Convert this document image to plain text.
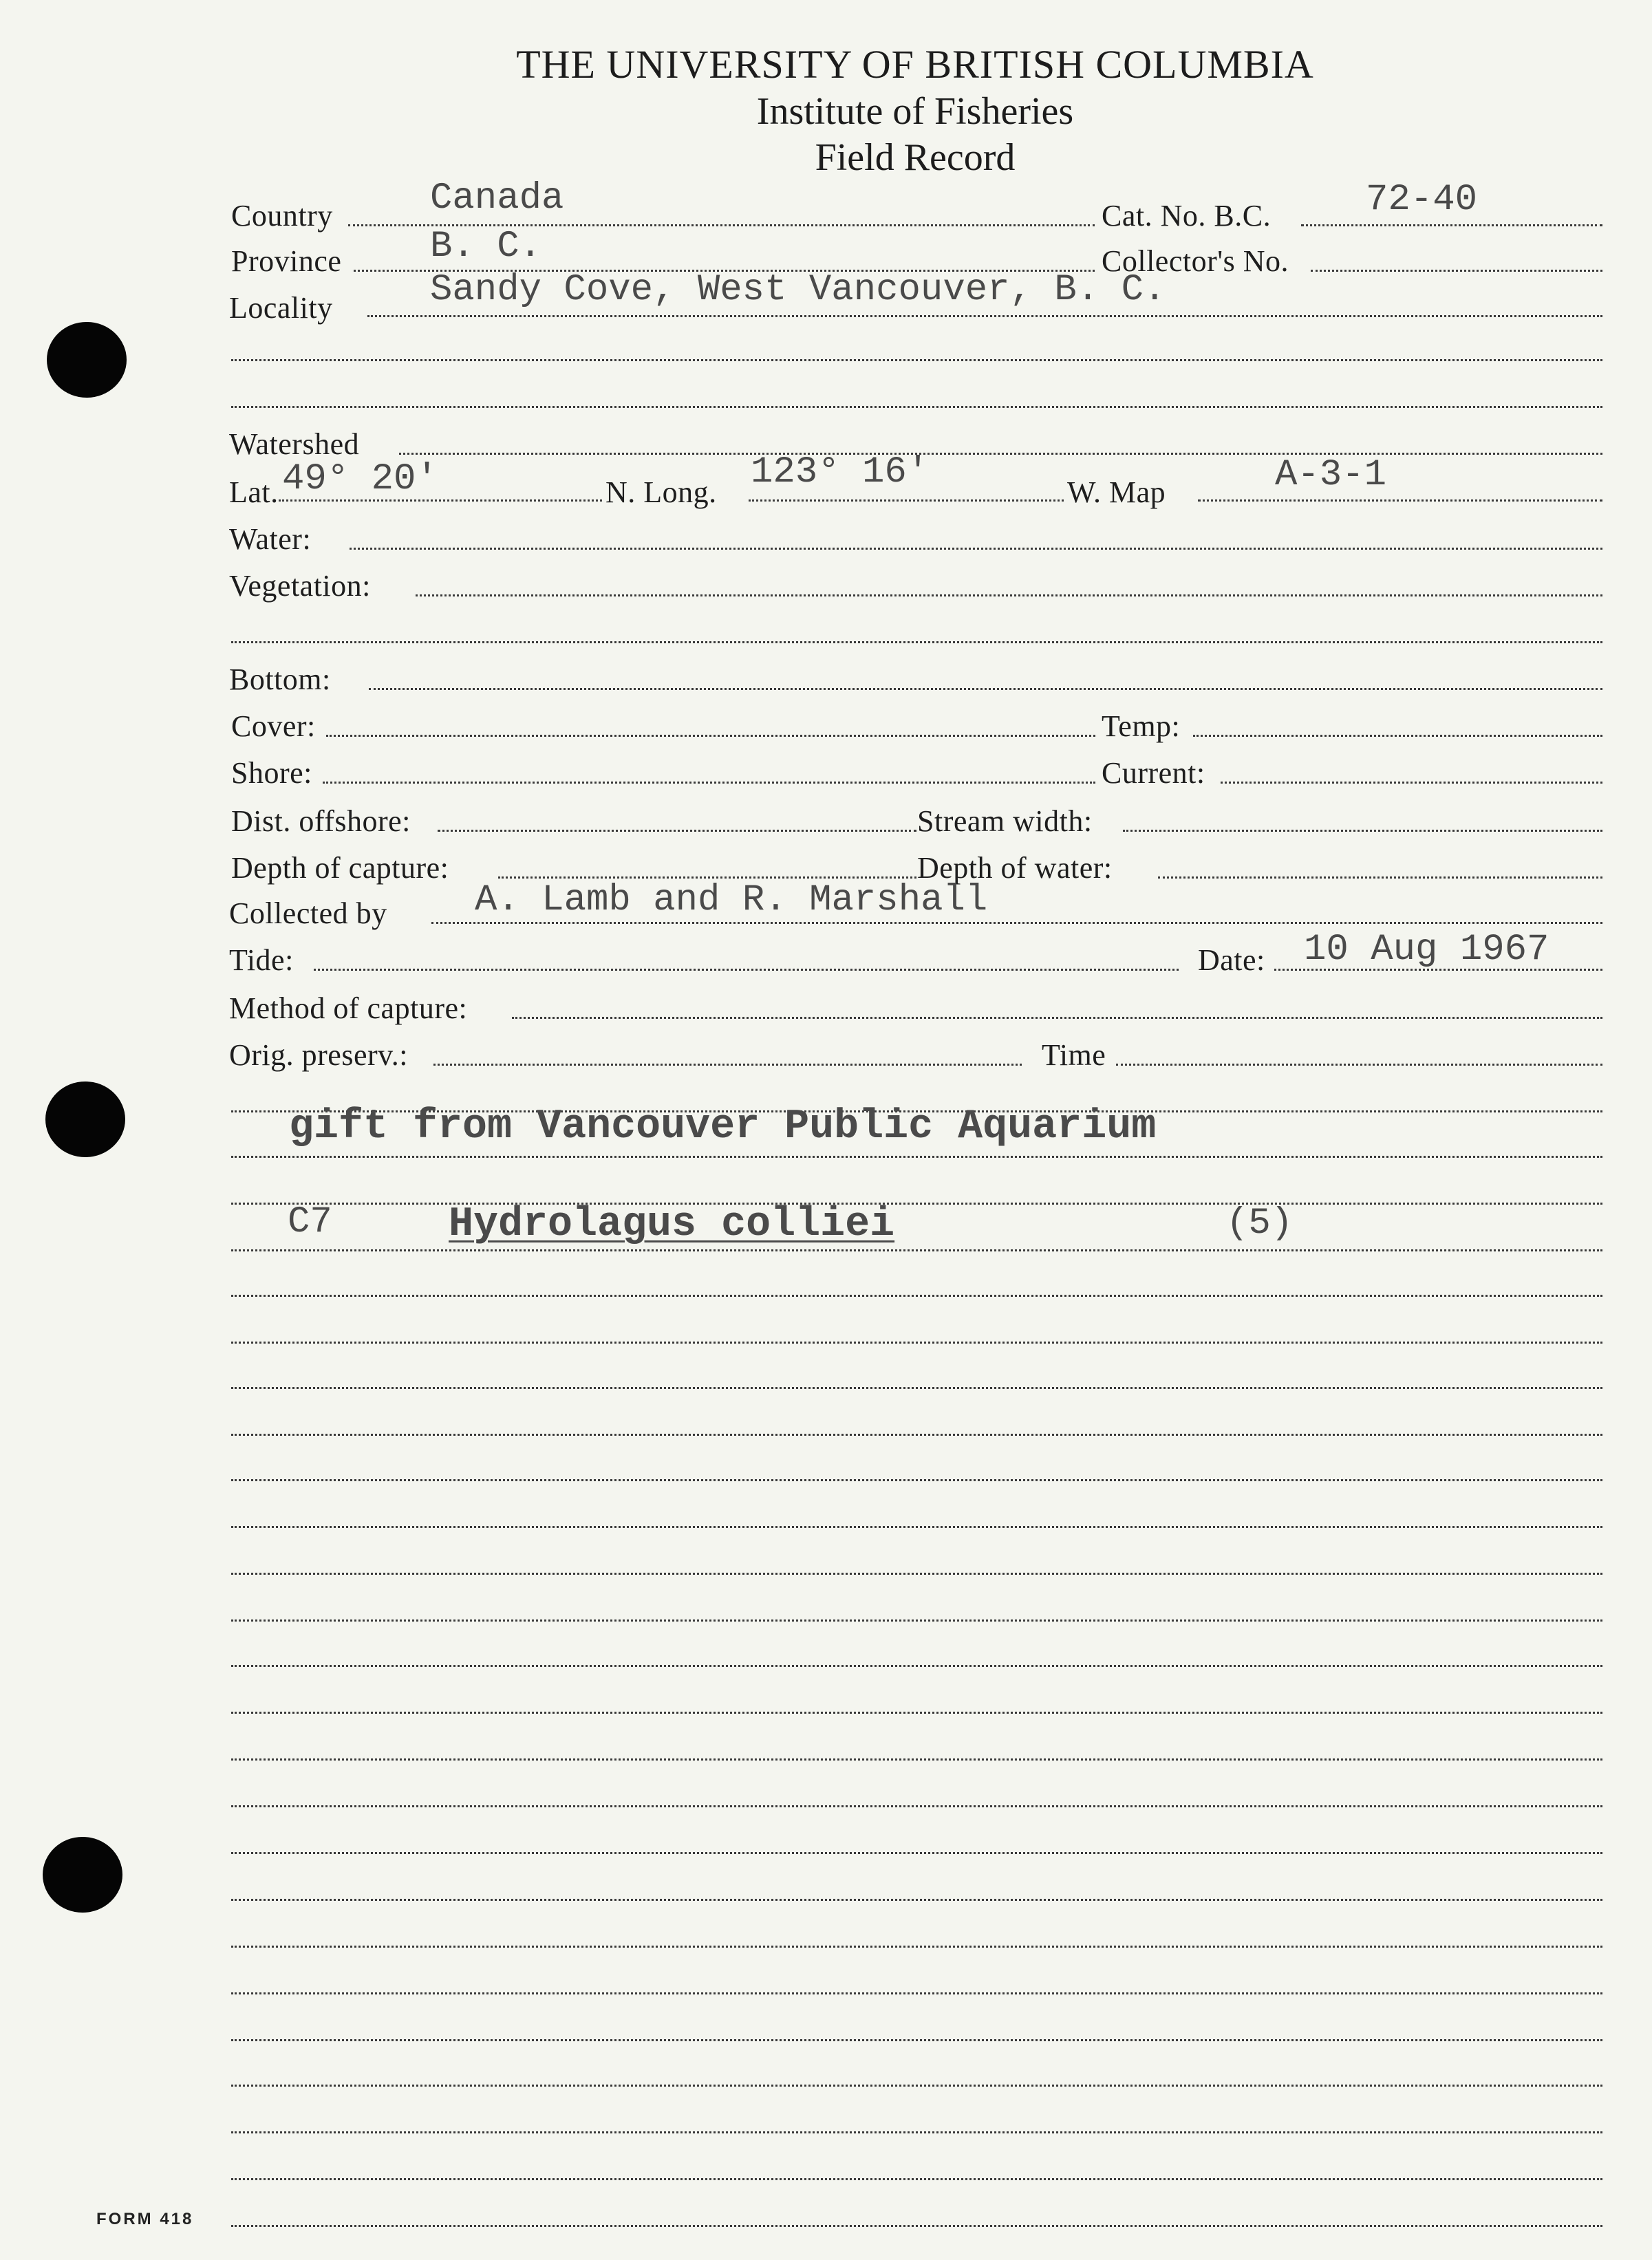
THE UNIVERSITY OF BRITISH COLUMBIA
Institute of Fisheries
Field Record
Country	Canada	Cat. No. B.C.	72-40
Province B. C.	Collector's No.
Locality	Sandy Cove, West Vancouver, B. C.
Watershed
Lat. 49° 20'	N. Long. 123° 16'	W. Map	A-3-1
Water:
Vegetation:
Bottom:
Cover:	Temp:
Shore:	Current:
Dist. offshore:	Stream width:
Depth of capture:	Depth of water:
Collected by A. Lamb and R. Marshall
Tide:	Date: 10 Aug 1967
Method of capture:
Orig. preserv.:	Time
gift from Vancouver Public Aquarium
C7	Hydrolagus colliei	(5)
FORM 418
